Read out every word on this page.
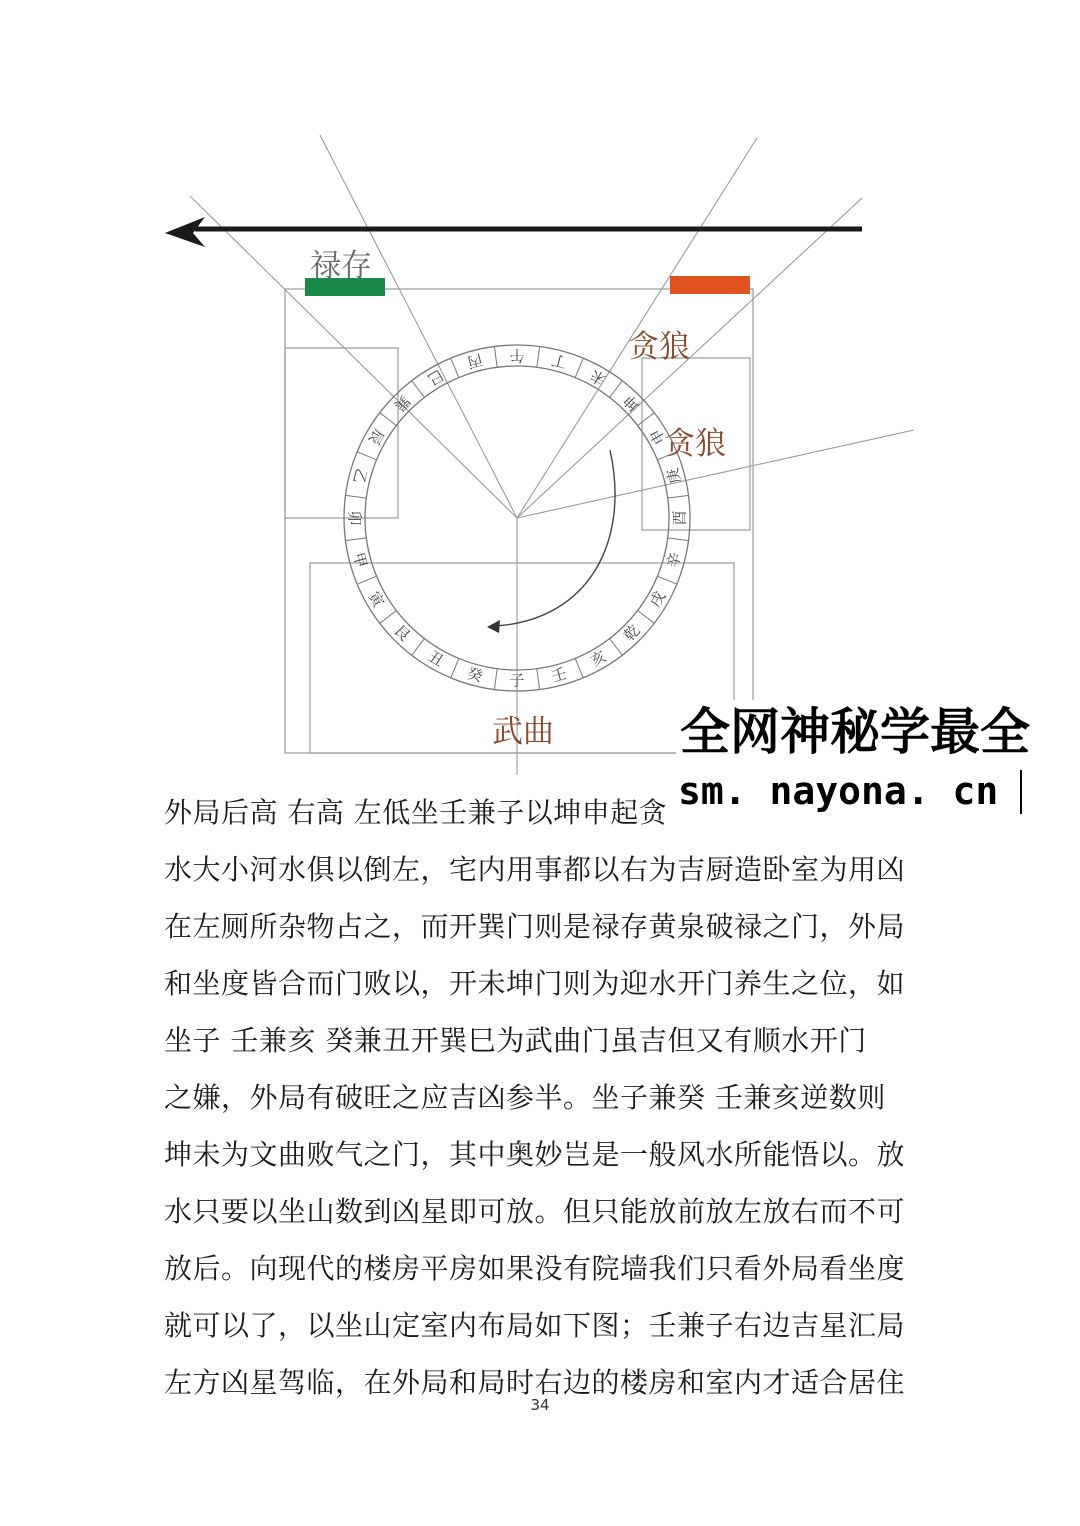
午 丁
未
坤
申
庚
酉
辛
戌
乾
亥
壬
子
癸
丑
艮
寅
甲
卯
乙
辰
巽
巳
丙
禄存
贪狼
贪狼
武曲

外局后高 右高 左低坐壬兼子以坤申起贪
水大小河水俱以倒左，宅内用事都以右为吉厨造卧室为用凶
在左厕所杂物占之，而开巽门则是禄存黄泉破禄之门，外局
和坐度皆合而门败以，开未坤门则为迎水开门养生之位，如
坐子 壬兼亥 癸兼丑开巽巳为武曲门虽吉但又有顺水开门
之嫌，外局有破旺之应吉凶参半。坐子兼癸 壬兼亥逆数则
坤未为文曲败气之门，其中奥妙岂是一般风水所能悟以。放
水只要以坐山数到凶星即可放。但只能放前放左放右而不可
放后。向现代的楼房平房如果没有院墙我们只看外局看坐度
就可以了，以坐山定室内布局如下图；壬兼子右边吉星汇局
左方凶星驾临，在外局和局时右边的楼房和室内才适合居住

34
全网神秘学最全
sm. nayona. cn
